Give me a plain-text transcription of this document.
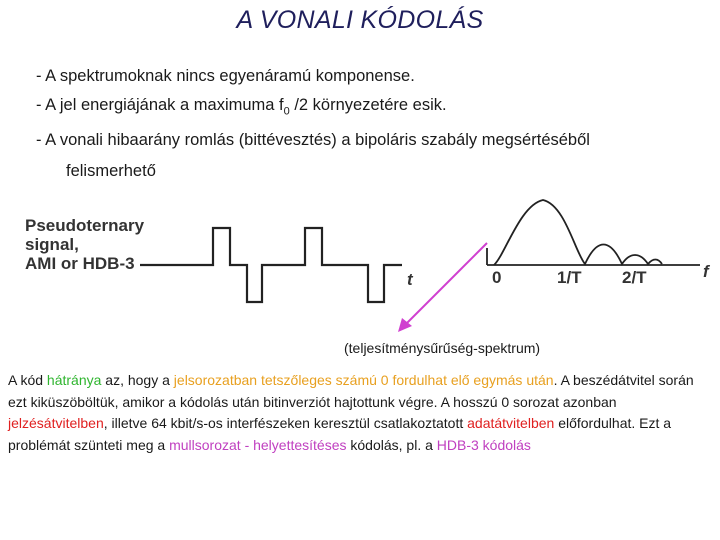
A VONALI KÓDOLÁS
- A spektrumoknak nincs egyenáramú komponense.
- A jel energiájának a maximuma $f_0$ /2 környezetére esik.
- A vonali hibaarány romlás (bittévesztés) a bipoláris szabály megsértéséből
felismerhető
Pseudoternary
signal,
AMI or HDB-3
t	0	1/T 2/T	f
(teljesítménysűrűség-spektrum)
A kód hátránya az, hogy a jelsorozatban tetszőleges számú 0 fordulhat elő egymás után. A beszédátvitel során ezt kiküszöböltük, amikor a kódolás után bitinverziót hajtottunk végre. A hosszú 0 sorozat azonban jelzésátvitelben, illetve 64 kbit/s-os interfészeken keresztül csatlakoztatott adatátvitelben előfordulhat. Ezt a problémát szünteti meg a mullsorozat - helyettesítéses kódolás, pl. a HDB-3 kódolás
